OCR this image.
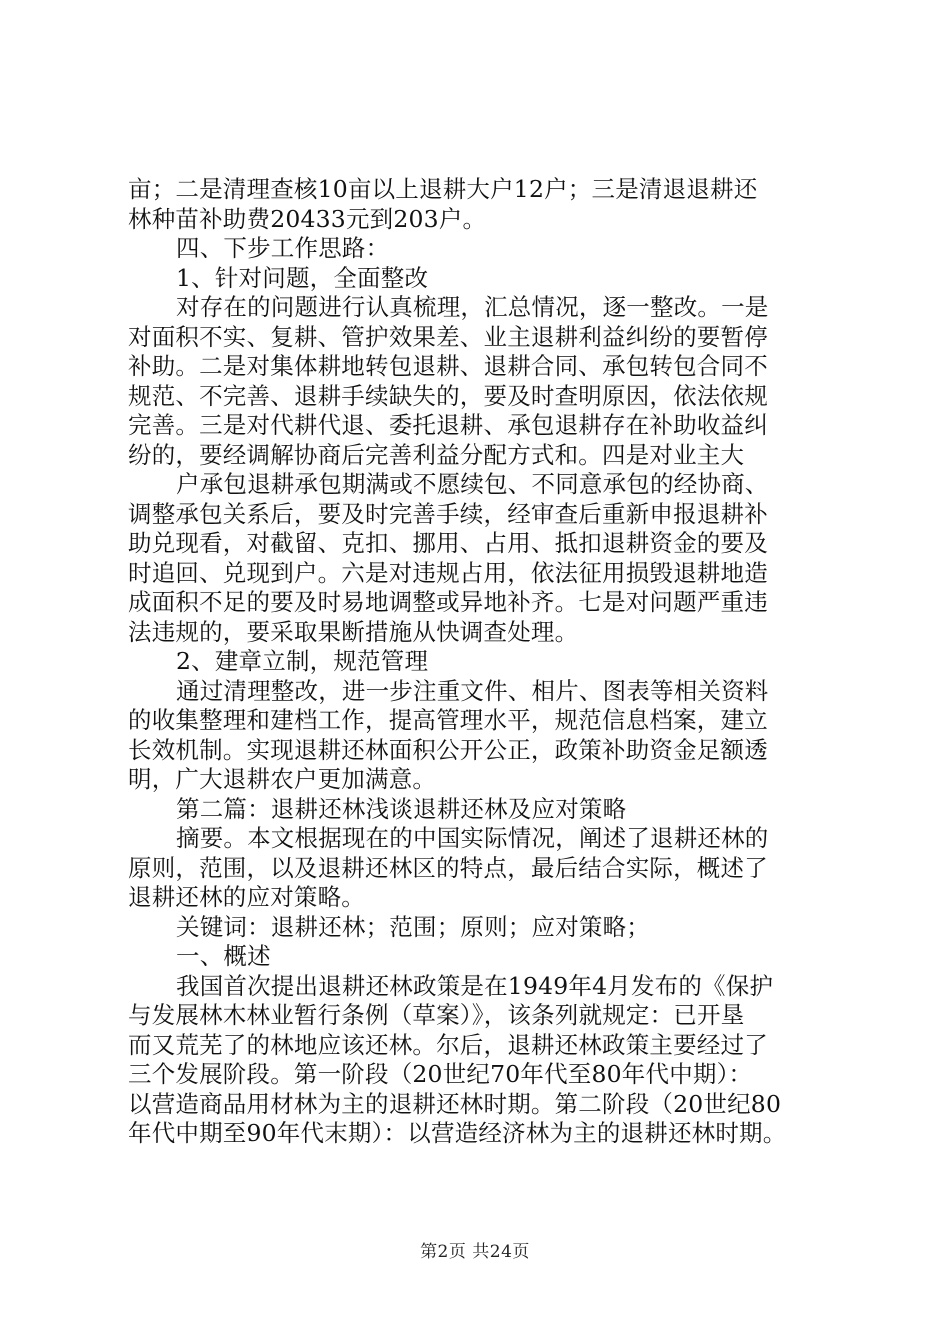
亩；二是清理查核10亩以上退耕大户12户；三是清退退耕还
林种苗补助费20433元到203户。
四、下步工作思路：
1、针对问题，全面整改
对存在的问题进行认真梳理，汇总情况，逐一整改。一是
对面积不实、复耕、管护效果差、业主退耕利益纠纷的要暂停
补助。二是对集体耕地转包退耕、退耕合同、承包转包合同不
规范、不完善、退耕手续缺失的，要及时查明原因，依法依规
完善。三是对代耕代退、委托退耕、承包退耕存在补助收益纠
纷的，要经调解协商后完善利益分配方式和。四是对业主大
户承包退耕承包期满或不愿续包、不同意承包的经协商、
调整承包关系后，要及时完善手续，经审查后重新申报退耕补
助兑现看，对截留、克扣、挪用、占用、抵扣退耕资金的要及
时追回、兑现到户。六是对违规占用，依法征用损毁退耕地造
成面积不足的要及时易地调整或异地补齐。七是对问题严重违
法违规的，要采取果断措施从快调查处理。
2、建章立制，规范管理
通过清理整改，进一步注重文件、相片、图表等相关资料
的收集整理和建档工作，提高管理水平，规范信息档案，建立
长效机制。实现退耕还林面积公开公正，政策补助资金足额透
明，广大退耕农户更加满意。
第二篇：退耕还林浅谈退耕还林及应对策略
摘要。本文根据现在的中国实际情况，阐述了退耕还林的
原则，范围，以及退耕还林区的特点，最后结合实际，概述了
退耕还林的应对策略。
关键词：退耕还林；范围；原则；应对策略；
一、概述
我国首次提出退耕还林政策是在1949年4月发布的《保护
与发展林木林业暂行条例（草案）》，该条列就规定：已开垦
而又荒芜了的林地应该还林。尔后，退耕还林政策主要经过了
三个发展阶段。第一阶段（20世纪70年代至80年代中期）：
以营造商品用材林为主的退耕还林时期。第二阶段（20世纪80
年代中期至90年代末期）：以营造经济林为主的退耕还林时期。
第2页 共24页
